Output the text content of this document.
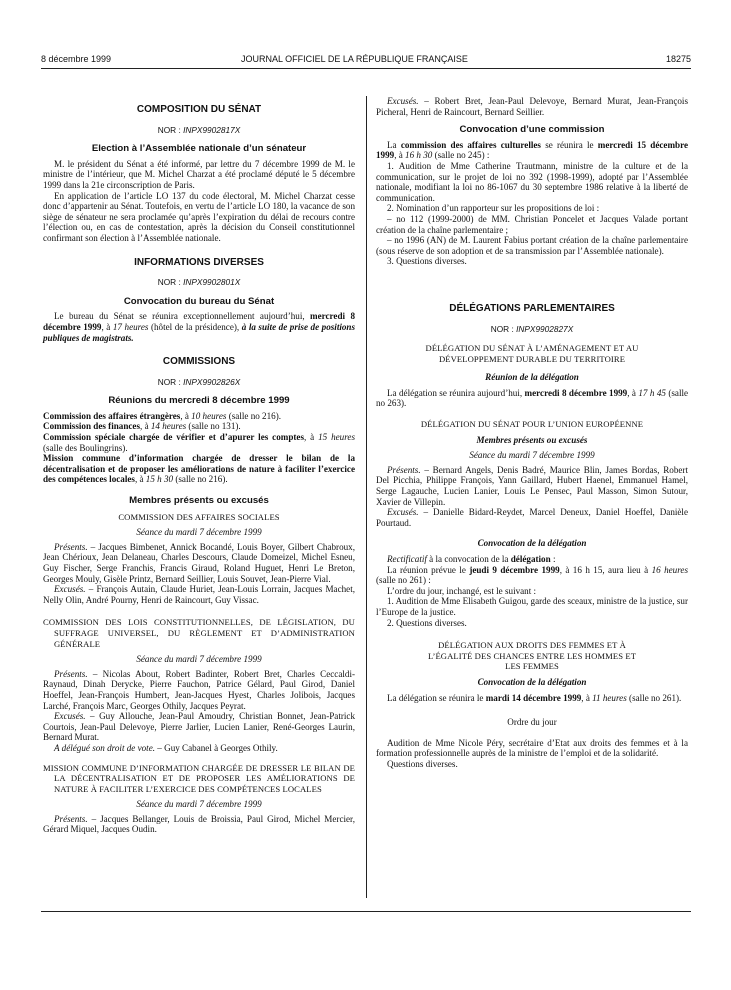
8 décembre 1999	JOURNAL OFFICIEL DE LA RÉPUBLIQUE FRANÇAISE	18275
COMPOSITION DU SÉNAT
NOR : INPX9902817X
Election à l’Assemblée nationale d’un sénateur

M. le président du Sénat a été informé, par lettre du 7 décembre 1999 de M. le ministre de l’intérieur, que M. Michel Charzat a été proclamé député le 5 décembre 1999 dans la 21e circonscription de Paris.

En application de l’article LO 137 du code électoral, M. Michel Charzat cesse donc d’appartenir au Sénat. Toutefois, en vertu de l’article LO 180, la vacance de son siège de sénateur ne sera proclamée qu’après l’expiration du délai de recours contre l’élection ou, en cas de contestation, après la décision du Conseil constitutionnel confirmant son élection à l’Assemblée nationale.

INFORMATIONS DIVERSES
NOR : INPX9902801X
Convocation du bureau du Sénat

Le bureau du Sénat se réunira exceptionnellement aujourd’hui, mercredi 8 décembre 1999, à 17 heures (hôtel de la présidence), à la suite de prise de positions publiques de magistrats.

COMMISSIONS
NOR : INPX9902826X
Réunions du mercredi 8 décembre 1999

Commission des affaires étrangères, à 10 heures (salle no 216).

Commission des finances, à 14 heures (salle no 131).

Commission spéciale chargée de vérifier et d’apurer les comptes, à 15 heures (salle des Boulingrins).

Mission commune d’information chargée de dresser le bilan de la décentralisation et de proposer les améliorations de nature à faciliter l’exercice des compétences locales, à 15 h 30 (salle no 216).

Membres présents ou excusés
COMMISSION DES AFFAIRES SOCIALES
Séance du mardi 7 décembre 1999

Présents. – Jacques Bimbenet, Annick Bocandé, Louis Boyer, Gilbert Chabroux, Jean Chérioux, Jean Delaneau, Charles Descours, Claude Domeizel, Michel Esneu, Guy Fischer, Serge Franchis, Francis Giraud, Roland Huguet, Henri Le Breton, Georges Mouly, Gisèle Printz, Bernard Seillier, Louis Souvet, Jean-Pierre Vial.

Excusés. – François Autain, Claude Huriet, Jean-Louis Lorrain, Jacques Machet, Nelly Olin, André Pourny, Henri de Raincourt, Guy Vissac.

COMMISSION DES LOIS CONSTITUTIONNELLES, DE LÉGISLATION, DU SUFFRAGE UNIVERSEL, DU RÈGLEMENT ET D’ADMINISTRATION GÉNÉRALE

Séance du mardi 7 décembre 1999

Présents. – Nicolas About, Robert Badinter, Robert Bret, Charles Ceccaldi-Raynaud, Dinah Derycke, Pierre Fauchon, Patrice Gélard, Paul Girod, Daniel Hoeffel, Jean-François Humbert, Jean-Jacques Hyest, Charles Jolibois, Jacques Larché, François Marc, Georges Othily, Jacques Peyrat.

Excusés. – Guy Allouche, Jean-Paul Amoudry, Christian Bonnet, Jean-Patrick Courtois, Jean-Paul Delevoye, Pierre Jarlier, Lucien Lanier, René-Georges Laurin, Bernard Murat.

A délégué son droit de vote. – Guy Cabanel à Georges Othily.

MISSION COMMUNE D’INFORMATION CHARGÉE DE DRESSER LE BILAN DE LA DÉCENTRALISATION ET DE PROPOSER LES AMÉLIORATIONS DE NATURE À FACILITER L’EXERCICE DES COMPÉTENCES LOCALES

Séance du mardi 7 décembre 1999

Présents. – Jacques Bellanger, Louis de Broissia, Paul Girod, Michel Mercier, Gérard Miquel, Jacques Oudin.

Excusés. – Robert Bret, Jean-Paul Delevoye, Bernard Murat, Jean-François Picheral, Henri de Raincourt, Bernard Seillier.

Convocation d’une commission

La commission des affaires culturelles se réunira le mercredi 15 décembre 1999, à 16 h 30 (salle no 245) :

1. Audition de Mme Catherine Trautmann, ministre de la culture et de la communication, sur le projet de loi no 392 (1998-1999), adopté par l’Assemblée nationale, modifiant la loi no 86-1067 du 30 septembre 1986 relative à la liberté de communication.

2. Nomination d’un rapporteur sur les propositions de loi :

– no 112 (1999-2000) de MM. Christian Poncelet et Jacques Valade portant création de la chaîne parlementaire ;

– no 1996 (AN) de M. Laurent Fabius portant création de la chaîne parlementaire (sous réserve de son adoption et de sa transmission par l’Assemblée nationale).

3. Questions diverses.

DÉLÉGATIONS PARLEMENTAIRES
NOR : INPX9902827X
DÉLÉGATION DU SÉNAT À L’AMÉNAGEMENT ET AU DÉVELOPPEMENT DURABLE DU TERRITOIRE
Réunion de la délégation

La délégation se réunira aujourd’hui, mercredi 8 décembre 1999, à 17 h 45 (salle no 263).

DÉLÉGATION DU SÉNAT POUR L’UNION EUROPÉENNE
Membres présents ou excusés
Séance du mardi 7 décembre 1999

Présents. – Bernard Angels, Denis Badré, Maurice Blin, James Bordas, Robert Del Picchia, Philippe François, Yann Gaillard, Hubert Haenel, Emmanuel Hamel, Serge Lagauche, Lucien Lanier, Louis Le Pensec, Paul Masson, Simon Sutour, Xavier de Villepin.

Excusés. – Danielle Bidard-Reydet, Marcel Deneux, Daniel Hoeffel, Danièle Pourtaud.

Convocation de la délégation

Rectificatif à la convocation de la délégation :

La réunion prévue le jeudi 9 décembre 1999, à 16 h 15, aura lieu à 16 heures (salle no 261) :

L’ordre du jour, inchangé, est le suivant :

1. Audition de Mme Elisabeth Guigou, garde des sceaux, ministre de la justice, sur l’Europe de la justice.

2. Questions diverses.

DÉLÉGATION AUX DROITS DES FEMMES ET À L’ÉGALITÉ DES CHANCES ENTRE LES HOMMES ET LES FEMMES
Convocation de la délégation

La délégation se réunira le mardi 14 décembre 1999, à 11 heures (salle no 261).

Ordre du jour

Audition de Mme Nicole Péry, secrétaire d’Etat aux droits des femmes et à la formation professionnelle auprès de la ministre de l’emploi et de la solidarité.

Questions diverses.
